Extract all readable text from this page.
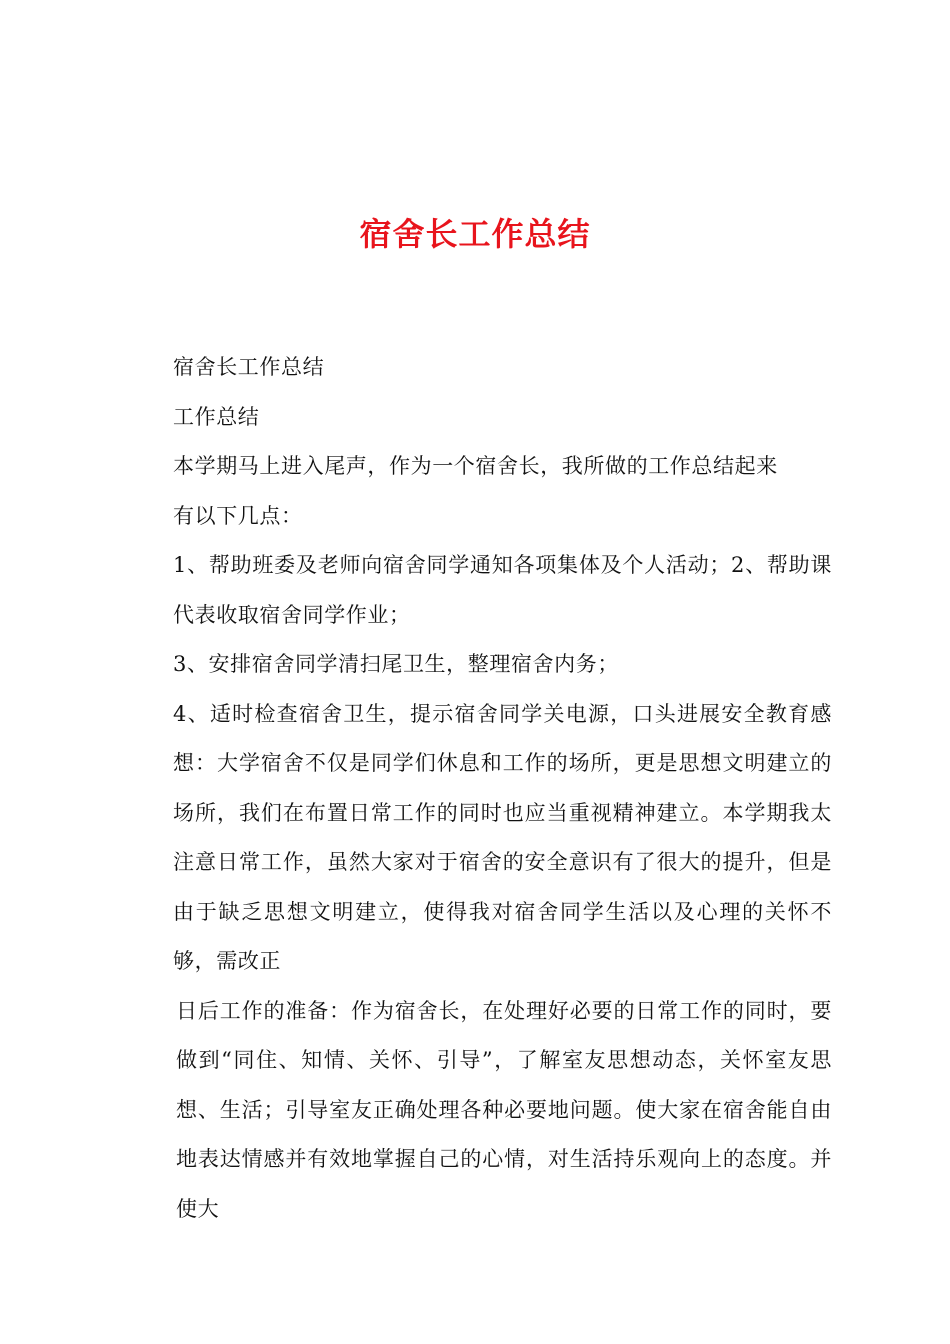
宿舍长工作总结

宿舍长工作总结

工作总结

本学期马上进入尾声，作为一个宿舍长，我所做的工作总结起来

有以下几点：

1、帮助班委及老师向宿舍同学通知各项集体及个人活动；2、帮助课代表收取宿舍同学作业；

3、安排宿舍同学清扫尾卫生，整理宿舍内务；

4、适时检查宿舍卫生，提示宿舍同学关电源，口头进展安全教育感想：大学宿舍不仅是同学们休息和工作的场所，更是思想文明建立的场所，我们在布置日常工作的同时也应当重视精神建立。本学期我太注意日常工作，虽然大家对于宿舍的安全意识有了很大的提升，但是由于缺乏思想文明建立，使得我对宿舍同学生活以及心理的关怀不够，需改正

日后工作的准备：作为宿舍长，在处理好必要的日常工作的同时，要做到“同住、知情、关怀、引导”，了解室友思想动态，关怀室友思想、生活；引导室友正确处理各种必要地问题。使大家在宿舍能自由地表达情感并有效地掌握自己的心情，对生活持乐观向上的态度。并使大
